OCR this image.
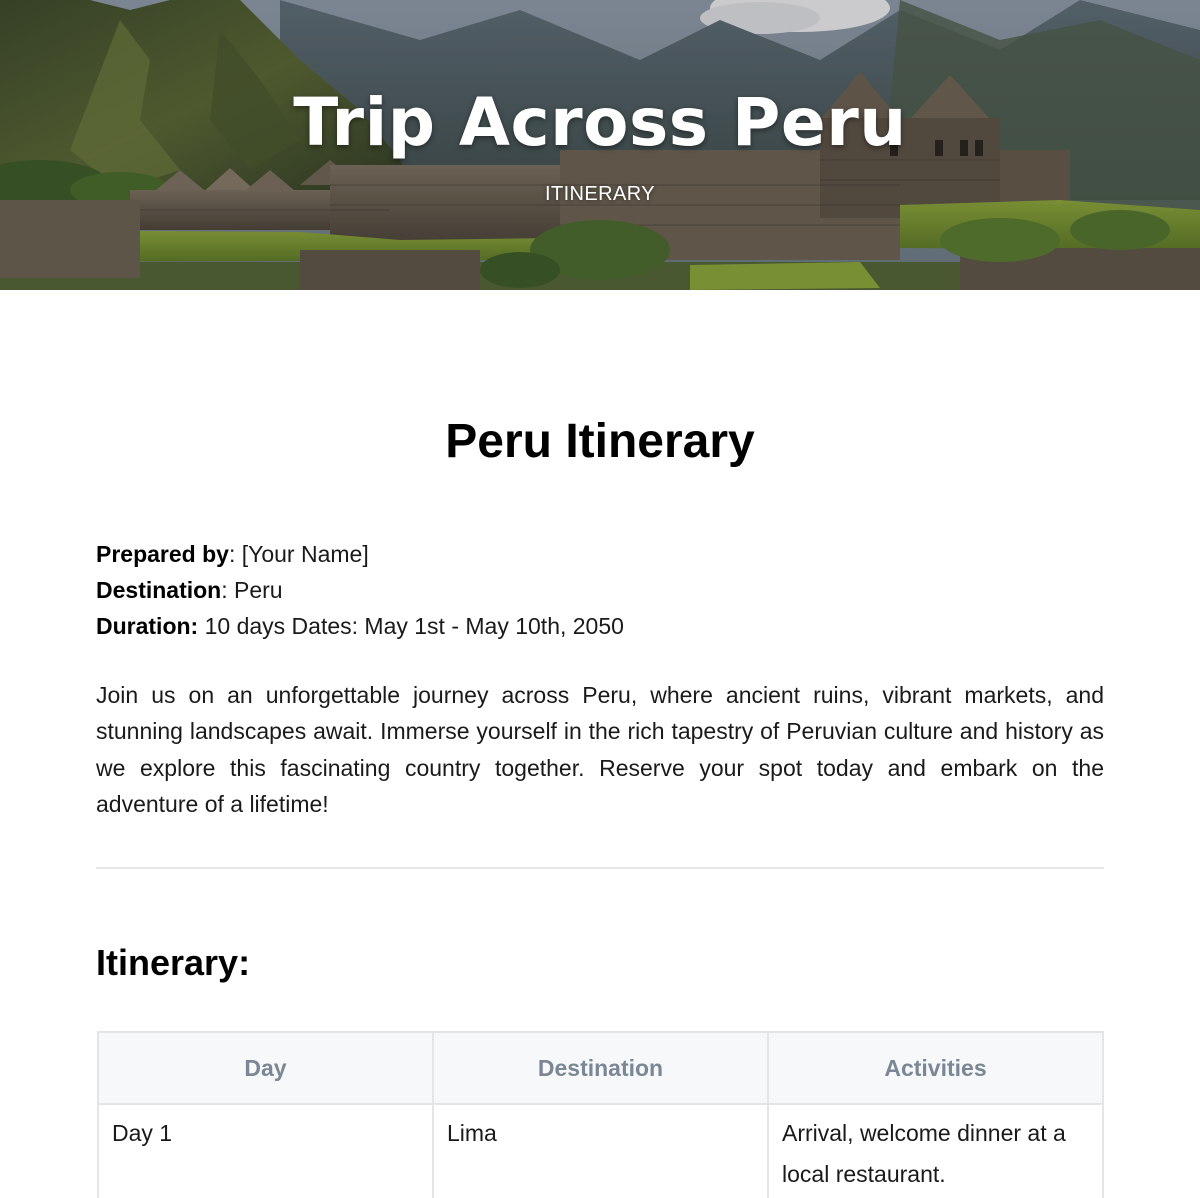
Trip Across Peru
ITINERARY
Peru Itinerary
Prepared by: [Your Name]
Destination: Peru
Duration: 10 days Dates: May 1st - May 10th, 2050
Join us on an unforgettable journey across Peru, where ancient ruins, vibrant markets, and stunning landscapes await. Immerse yourself in the rich tapestry of Peruvian culture and history as we explore this fascinating country together. Reserve your spot today and embark on the adventure of a lifetime!
Itinerary:
Day	Destination	Activities
Day 1	Lima	Arrival, welcome dinner at a local restaurant.
